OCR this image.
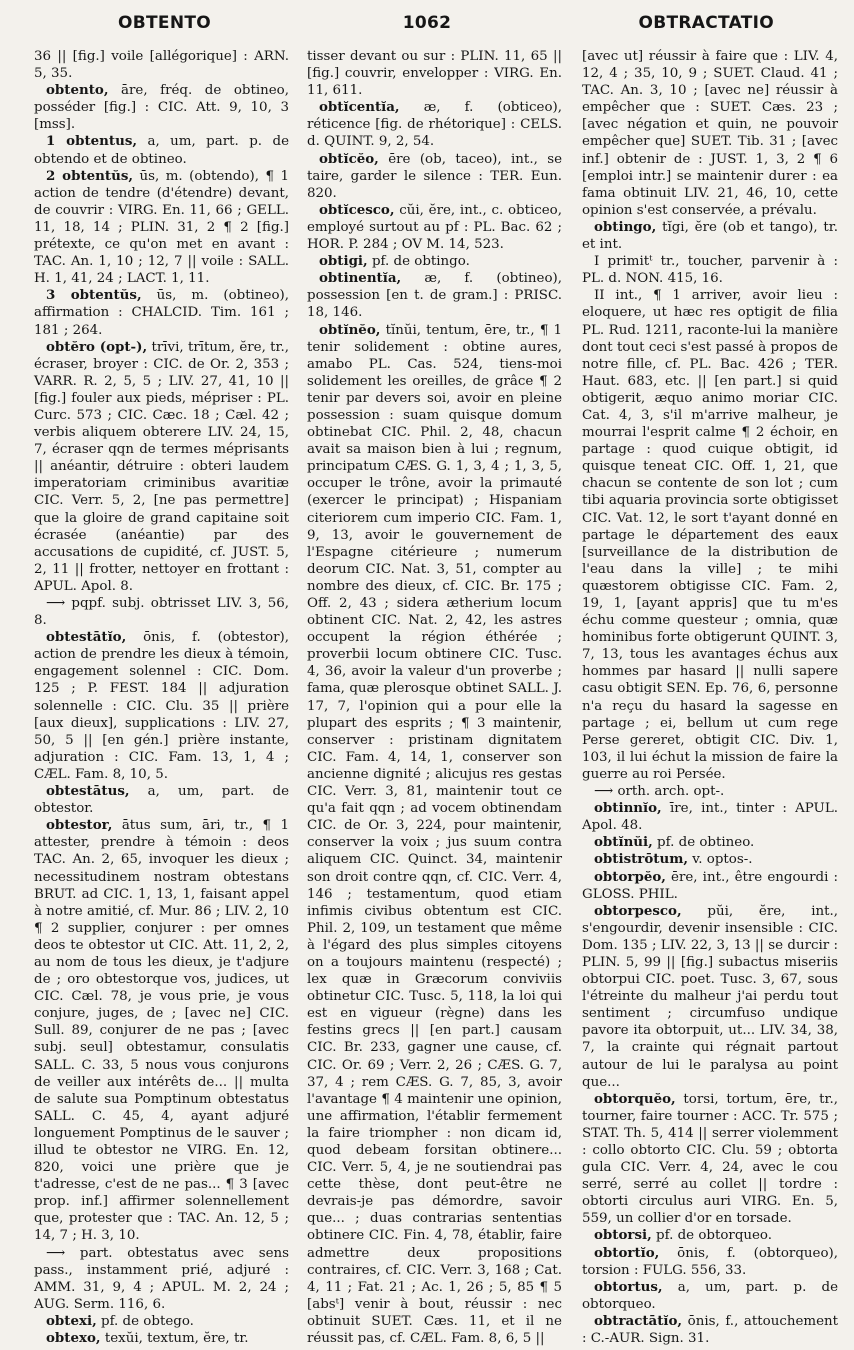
OBTENTO	1062	OBTRACTATIO

36 || [fig.] voile [allégorique] : ARN. 5, 35.

obtento, āre, fréq. de obtineo, posséder [fig.] : CIC. Att. 9, 10, 3 [mss].

1 obtentus, a, um, part. p. de obtendo et de obtineo.

2 obtentŭs, ūs, m. (obtendo), ¶ 1 action de tendre (d'étendre) devant, de couvrir : VIRG. En. 11, 66 ; GELL. 11, 18, 14 ; PLIN. 31, 2 ¶ 2 [fig.] prétexte, ce qu'on met en avant : TAC. An. 1, 10 ; 12, 7 || voile : SALL. H. 1, 41, 24 ; LACT. 1, 11.

3 obtentŭs, ūs, m. (obtineo), affirmation : CHALCID. Tim. 161 ; 181 ; 264.

obtĕro (opt-), trīvi, trītum, ĕre, tr., écraser, broyer : CIC. de Or. 2, 353 ; VARR. R. 2, 5, 5 ; LIV. 27, 41, 10 || [fig.] fouler aux pieds, mépriser : PL. Curc. 573 ; CIC. Cæc. 18 ; Cæl. 42 ; verbis aliquem obterere LIV. 24, 15, 7, écraser qqn de termes méprisants || anéantir, détruire : obteri laudem imperatoriam criminibus avaritiæ CIC. Verr. 5, 2, [ne pas permettre] que la gloire de grand capitaine soit écrasée (anéantie) par des accusations de cupidité, cf. JUST. 5, 2, 11 || frotter, nettoyer en frottant : APUL. Apol. 8.

⟶ pqpf. subj. obtrisset LIV. 3, 56, 8.

obtestātĭo, ōnis, f. (obtestor), action de prendre les dieux à témoin, engagement solennel : CIC. Dom. 125 ; P. FEST. 184 || adjuration solennelle : CIC. Clu. 35 || prière [aux dieux], supplications : LIV. 27, 50, 5 || [en gén.] prière instante, adjuration : CIC. Fam. 13, 1, 4 ; CÆL. Fam. 8, 10, 5.

obtestātus, a, um, part. de obtestor.

obtestor, ātus sum, āri, tr., ¶ 1 attester, prendre à témoin : deos TAC. An. 2, 65, invoquer les dieux ; necessitudinem nostram obtestans BRUT. ad CIC. 1, 13, 1, faisant appel à notre amitié, cf. Mur. 86 ; LIV. 2, 10 ¶ 2 supplier, conjurer : per omnes deos te obtestor ut CIC. Att. 11, 2, 2, au nom de tous les dieux, je t'adjure de ; oro obtestorque vos, judices, ut CIC. Cæl. 78, je vous prie, je vous conjure, juges, de ; [avec ne] CIC. Sull. 89, conjurer de ne pas ; [avec subj. seul] obtestamur, consulatis SALL. C. 33, 5 nous vous conjurons de veiller aux intérêts de... || multa de salute sua Pomptinum obtestatus SALL. C. 45, 4, ayant adjuré longuement Pomptinus de le sauver ; illud te obtestor ne VIRG. En. 12, 820, voici une prière que je t'adresse, c'est de ne pas... ¶ 3 [avec prop. inf.] affirmer solennellement que, protester que : TAC. An. 12, 5 ; 14, 7 ; H. 3, 10.

⟶ part. obtestatus avec sens pass., instamment prié, adjuré : AMM. 31, 9, 4 ; APUL. M. 2, 24 ; AUG. Serm. 116, 6.

obtexi, pf. de obtego.

obtexo, texŭi, textum, ĕre, tr.

tisser devant ou sur : PLIN. 11, 65 || [fig.] couvrir, envelopper : VIRG. En. 11, 611.

obtĭcentĭa, æ, f. (obticeo), réticence [fig. de rhétorique] : CELS. d. QUINT. 9, 2, 54.

obtĭcĕo, ēre (ob, taceo), int., se taire, garder le silence : TER. Eun. 820.

obtĭcesco, cŭi, ĕre, int., c. obticeo, employé surtout au pf : PL. Bac. 62 ; HOR. P. 284 ; OV M. 14, 523.

obtigi, pf. de obtingo.

obtinentĭa, æ, f. (obtineo), possession [en t. de gram.] : PRISC. 18, 146.

obtĭnĕo, tĭnŭi, tentum, ēre, tr., ¶ 1 tenir solidement : obtine aures, amabo PL. Cas. 524, tiens-moi solidement les oreilles, de grâce ¶ 2 tenir par devers soi, avoir en pleine possession : suam quisque domum obtinebat CIC. Phil. 2, 48, chacun avait sa maison bien à lui ; regnum, principatum CÆS. G. 1, 3, 4 ; 1, 3, 5, occuper le trône, avoir la primauté (exercer le principat) ; Hispaniam citeriorem cum imperio CIC. Fam. 1, 9, 13, avoir le gouvernement de l'Espagne citérieure ; numerum deorum CIC. Nat. 3, 51, compter au nombre des dieux, cf. CIC. Br. 175 ; Off. 2, 43 ; sidera ætherium locum obtinent CIC. Nat. 2, 42, les astres occupent la région éthérée ; proverbii locum obtinere CIC. Tusc. 4, 36, avoir la valeur d'un proverbe ; fama, quæ plerosque obtinet SALL. J. 17, 7, l'opinion qui a pour elle la plupart des esprits ; ¶ 3 maintenir, conserver : pristinam dignitatem CIC. Fam. 4, 14, 1, conserver son ancienne dignité ; alicujus res gestas CIC. Verr. 3, 81, maintenir tout ce qu'a fait qqn ; ad vocem obtinendam CIC. de Or. 3, 224, pour maintenir, conserver la voix ; jus suum contra aliquem CIC. Quinct. 34, maintenir son droit contre qqn, cf. CIC. Verr. 4, 146 ; testamentum, quod etiam infimis civibus obtentum est CIC. Phil. 2, 109, un testament que même à l'égard des plus simples citoyens on a toujours maintenu (respecté) ; lex quæ in Græcorum conviviis obtinetur CIC. Tusc. 5, 118, la loi qui est en vigueur (règne) dans les festins grecs || [en part.] causam CIC. Br. 233, gagner une cause, cf. CIC. Or. 69 ; Verr. 2, 26 ; CÆS. G. 7, 37, 4 ; rem CÆS. G. 7, 85, 3, avoir l'avantage ¶ 4 maintenir une opinion, une affirmation, l'établir fermement la faire triompher : non dicam id, quod debeam forsitan obtinere... CIC. Verr. 5, 4, je ne soutiendrai pas cette thèse, dont peut-être ne devrais-je pas démordre, savoir que... ; duas contrarias sententias obtinere CIC. Fin. 4, 78, établir, faire admettre deux propositions contraires, cf. CIC. Verr. 3, 168 ; Cat. 4, 11 ; Fat. 21 ; Ac. 1, 26 ; 5, 85 ¶ 5 [absᵗ] venir à bout, réussir : nec obtinuit SUET. Cæs. 11, et il ne réussit pas, cf. CÆL. Fam. 8, 6, 5 ||

[avec ut] réussir à faire que : LIV. 4, 12, 4 ; 35, 10, 9 ; SUET. Claud. 41 ; TAC. An. 3, 10 ; [avec ne] réussir à empêcher que : SUET. Cæs. 23 ; [avec négation et quin, ne pouvoir empêcher que] SUET. Tib. 31 ; [avec inf.] obtenir de : JUST. 1, 3, 2 ¶ 6 [emploi intr.] se maintenir durer : ea fama obtinuit LIV. 21, 46, 10, cette opinion s'est conservée, a prévalu.

obtingo, tĭgi, ĕre (ob et tango), tr. et int.

I primitᵗ tr., toucher, parvenir à : PL. d. NON. 415, 16.

II int., ¶ 1 arriver, avoir lieu : eloquere, ut hæc res optigit de filia PL. Rud. 1211, raconte-lui la manière dont tout ceci s'est passé à propos de notre fille, cf. PL. Bac. 426 ; TER. Haut. 683, etc. || [en part.] si quid obtigerit, æquo animo moriar CIC. Cat. 4, 3, s'il m'arrive malheur, je mourrai l'esprit calme ¶ 2 échoir, en partage : quod cuique obtigit, id quisque teneat CIC. Off. 1, 21, que chacun se contente de son lot ; cum tibi aquaria provincia sorte obtigisset CIC. Vat. 12, le sort t'ayant donné en partage le département des eaux [surveillance de la distribution de l'eau dans la ville] ; te mihi quæstorem obtigisse CIC. Fam. 2, 19, 1, [ayant appris] que tu m'es échu comme questeur ; omnia, quæ hominibus forte obtigerunt QUINT. 3, 7, 13, tous les avantages échus aux hommes par hasard || nulli sapere casu obtigit SEN. Ep. 76, 6, personne n'a reçu du hasard la sagesse en partage ; ei, bellum ut cum rege Perse gereret, obtigit CIC. Div. 1, 103, il lui échut la mission de faire la guerre au roi Persée.

⟶ orth. arch. opt-.

obtinnĭo, īre, int., tinter : APUL. Apol. 48.

obtĭnŭi, pf. de obtineo.

obtistrōtum, v. optos-.

obtorpĕo, ēre, int., être engourdi : GLOSS. PHIL.

obtorpesco, pŭi, ĕre, int., s'engourdir, devenir insensible : CIC. Dom. 135 ; LIV. 22, 3, 13 || se durcir : PLIN. 5, 99 || [fig.] subactus miseriis obtorpui CIC. poet. Tusc. 3, 67, sous l'étreinte du malheur j'ai perdu tout sentiment ; circumfuso undique pavore ita obtorpuit, ut... LIV. 34, 38, 7, la crainte qui régnait partout autour de lui le paralysa au point que...

obtorquĕo, torsi, tortum, ēre, tr., tourner, faire tourner : ACC. Tr. 575 ; STAT. Th. 5, 414 || serrer violemment : collo obtorto CIC. Clu. 59 ; obtorta gula CIC. Verr. 4, 24, avec le cou serré, serré au collet || tordre : obtorti circulus auri VIRG. En. 5, 559, un collier d'or en torsade.

obtorsi, pf. de obtorqueo.

obtortĭo, ōnis, f. (obtorqueo), torsion : FULG. 556, 33.

obtortus, a, um, part. p. de obtorqueo.

obtractātĭo, ōnis, f., attouchement : C.-AUR. Sign. 31.
